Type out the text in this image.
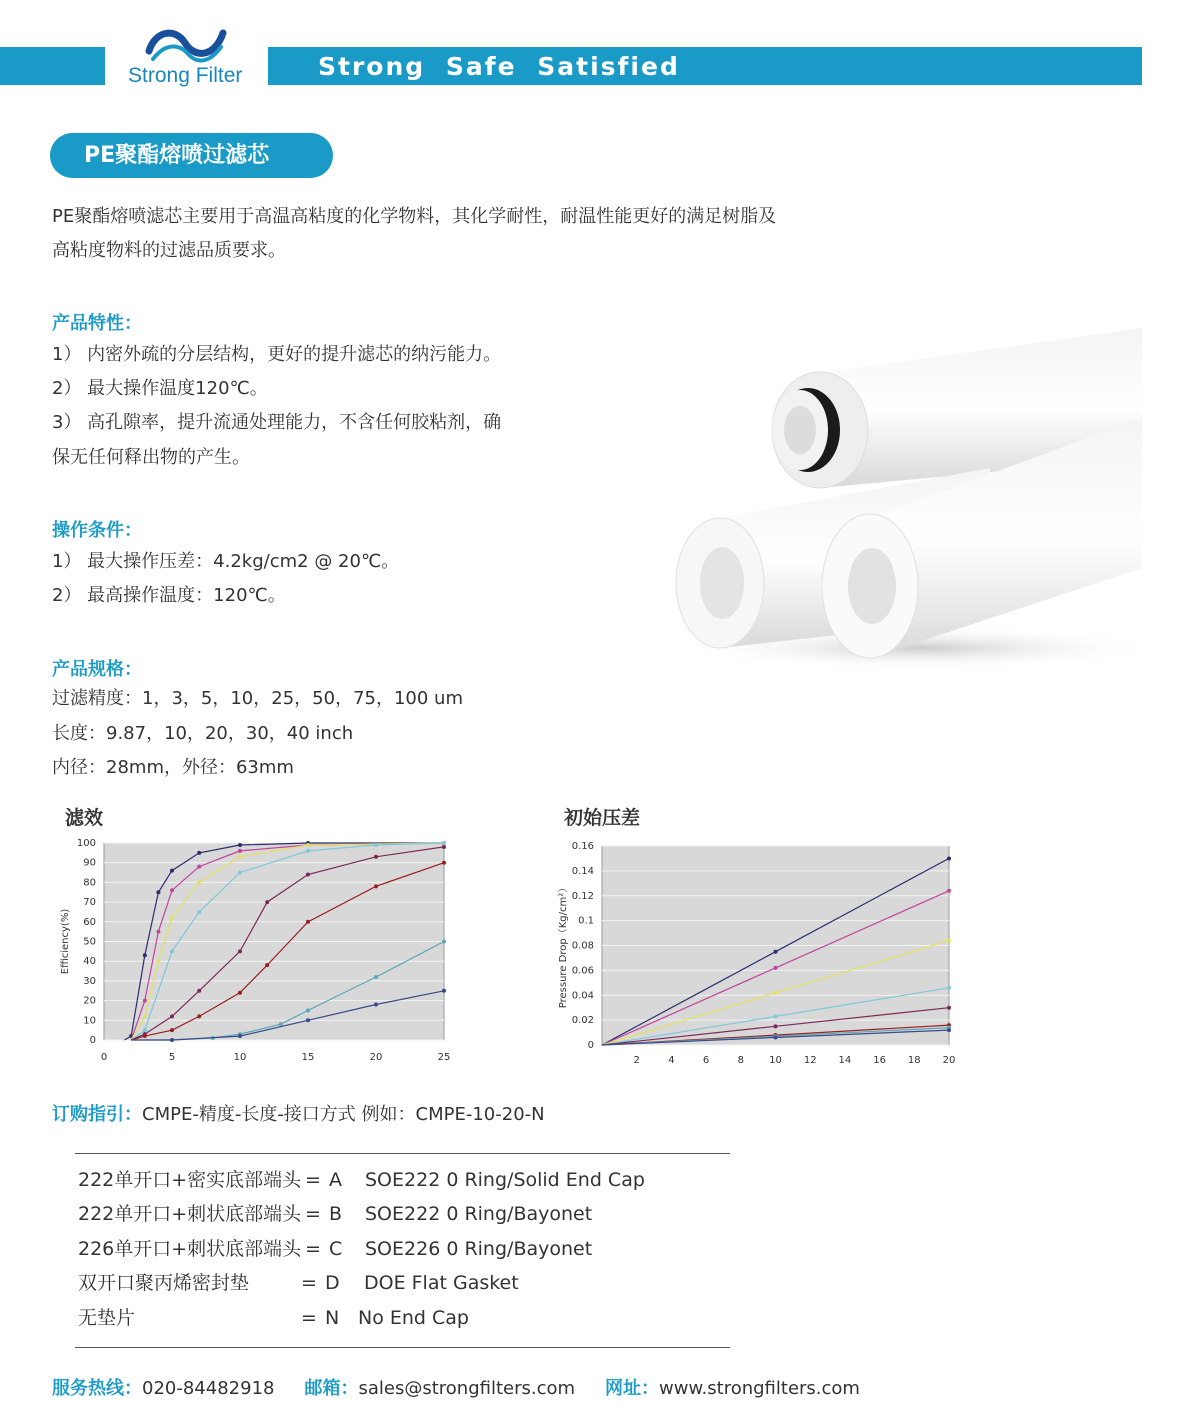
Strong Filter	Strong Safe Satisfied
PE聚酯熔喷过滤芯
PE聚酯熔喷滤芯主要用于高温高粘度的化学物料，其化学耐性，耐温性能更好的满足树脂及
高粘度物料的过滤品质要求。
产品特性：
1） 内密外疏的分层结构，更好的提升滤芯的纳污能力。
2） 最大操作温度120℃。
3） 高孔隙率，提升流通处理能力，不含任何胶粘剂，确
保无任何释出物的产生。
操作条件：
1） 最大操作压差：4.2kg/cm2 @ 20℃。
2） 最高操作温度：120℃。
产品规格：
过滤精度：1，3，5，10，25，50，75，100 um
长度：9.87，10，20，30，40 inch
内径：28mm，外径：63mm
滤效	初始压差
0
10
20
30
40
50
60
70
80
90
100
0	5	10	15	20	25
Efficiency(%)
0
0.02
0.04
0.06
0.08
0.1
0.12
0.14
0.16
2	4	6	8	10 12 14 16 18 20
Pressure Drop（Kg/cm²）
订购指引：CMPE-精度-长度-接口方式 例如：CMPE-10-20-N
222单开口+密实底部端头 = A SOE222 0 Ring/Solid End Cap
222单开口+刺状底部端头 = B SOE222 0 Ring/Bayonet
226单开口+刺状底部端头 = C SOE226 0 Ring/Bayonet
双开口聚丙烯密封垫	= D DOE Flat Gasket
无垫片	= N No End Cap
服务热线：020-84482918 邮箱：sales@strongfilters.com 网址：www.strongfilters.com
